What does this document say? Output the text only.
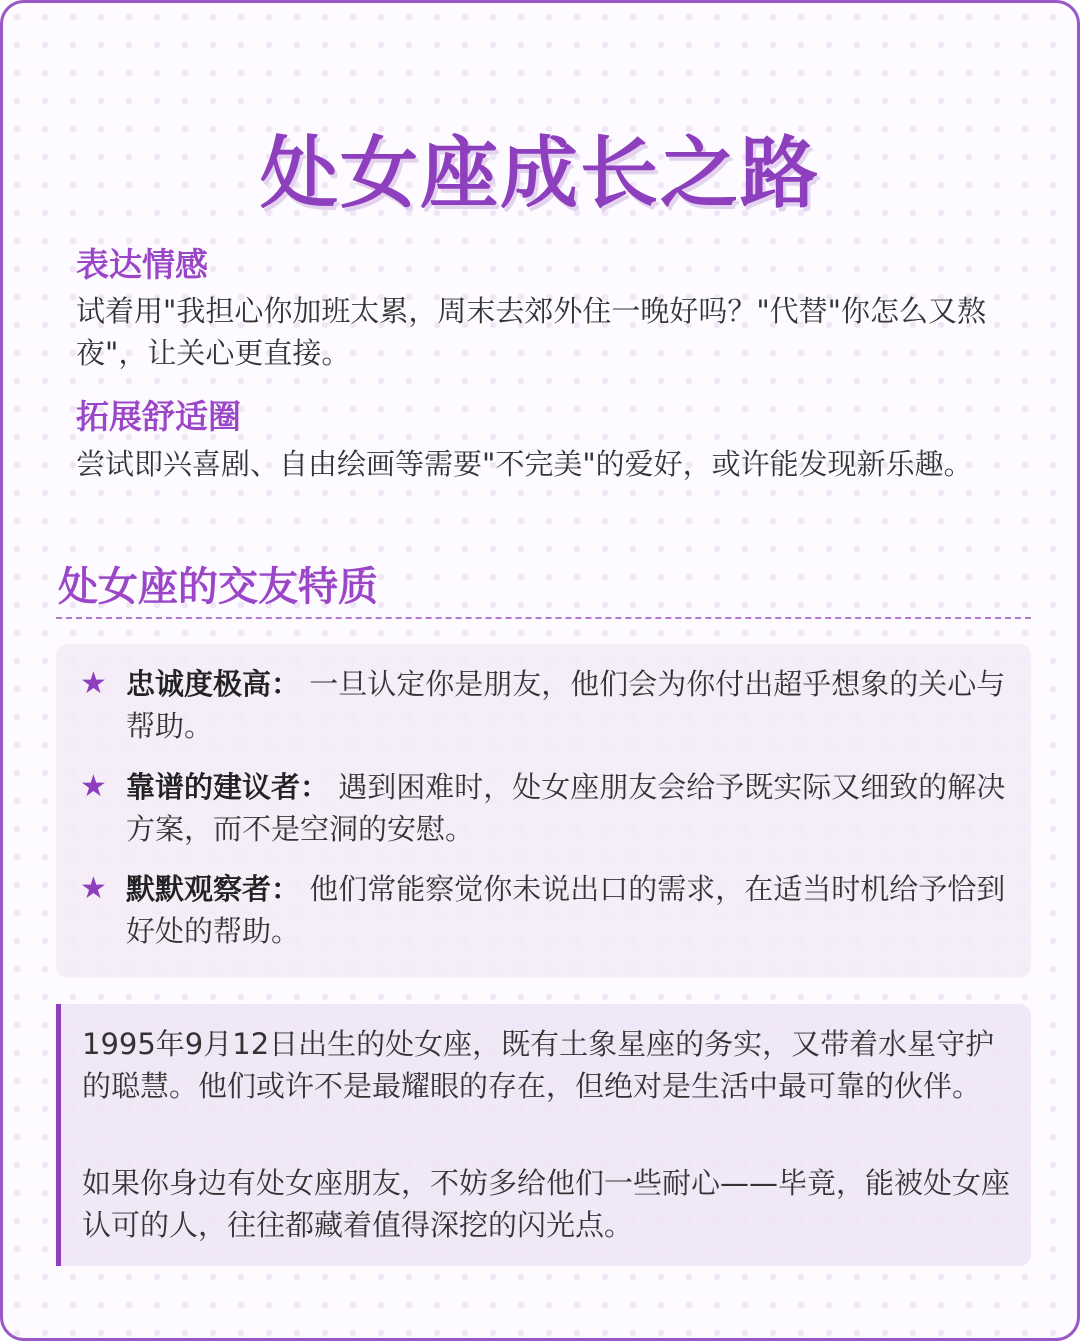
处女座成长之路
表达情感

试着用"我担心你加班太累，周末去郊外住一晚好吗？"代替"你怎么又熬夜"，让关心更直接。

拓展舒适圈

尝试即兴喜剧、自由绘画等需要"不完美"的爱好，或许能发现新乐趣。

处女座的交友特质
★ 忠诚度极高： 一旦认定你是朋友，他们会为你付出超乎想象的关心与帮助。

★ 靠谱的建议者： 遇到困难时，处女座朋友会给予既实际又细致的解决方案，而不是空洞的安慰。

★ 默默观察者： 他们常能察觉你未说出口的需求，在适当时机给予恰到好处的帮助。

1995年9月12日出生的处女座，既有土象星座的务实，又带着水星守护的聪慧。他们或许不是最耀眼的存在，但绝对是生活中最可靠的伙伴。

如果你身边有处女座朋友，不妨多给他们一些耐心——毕竟，能被处女座认可的人，往往都藏着值得深挖的闪光点。
